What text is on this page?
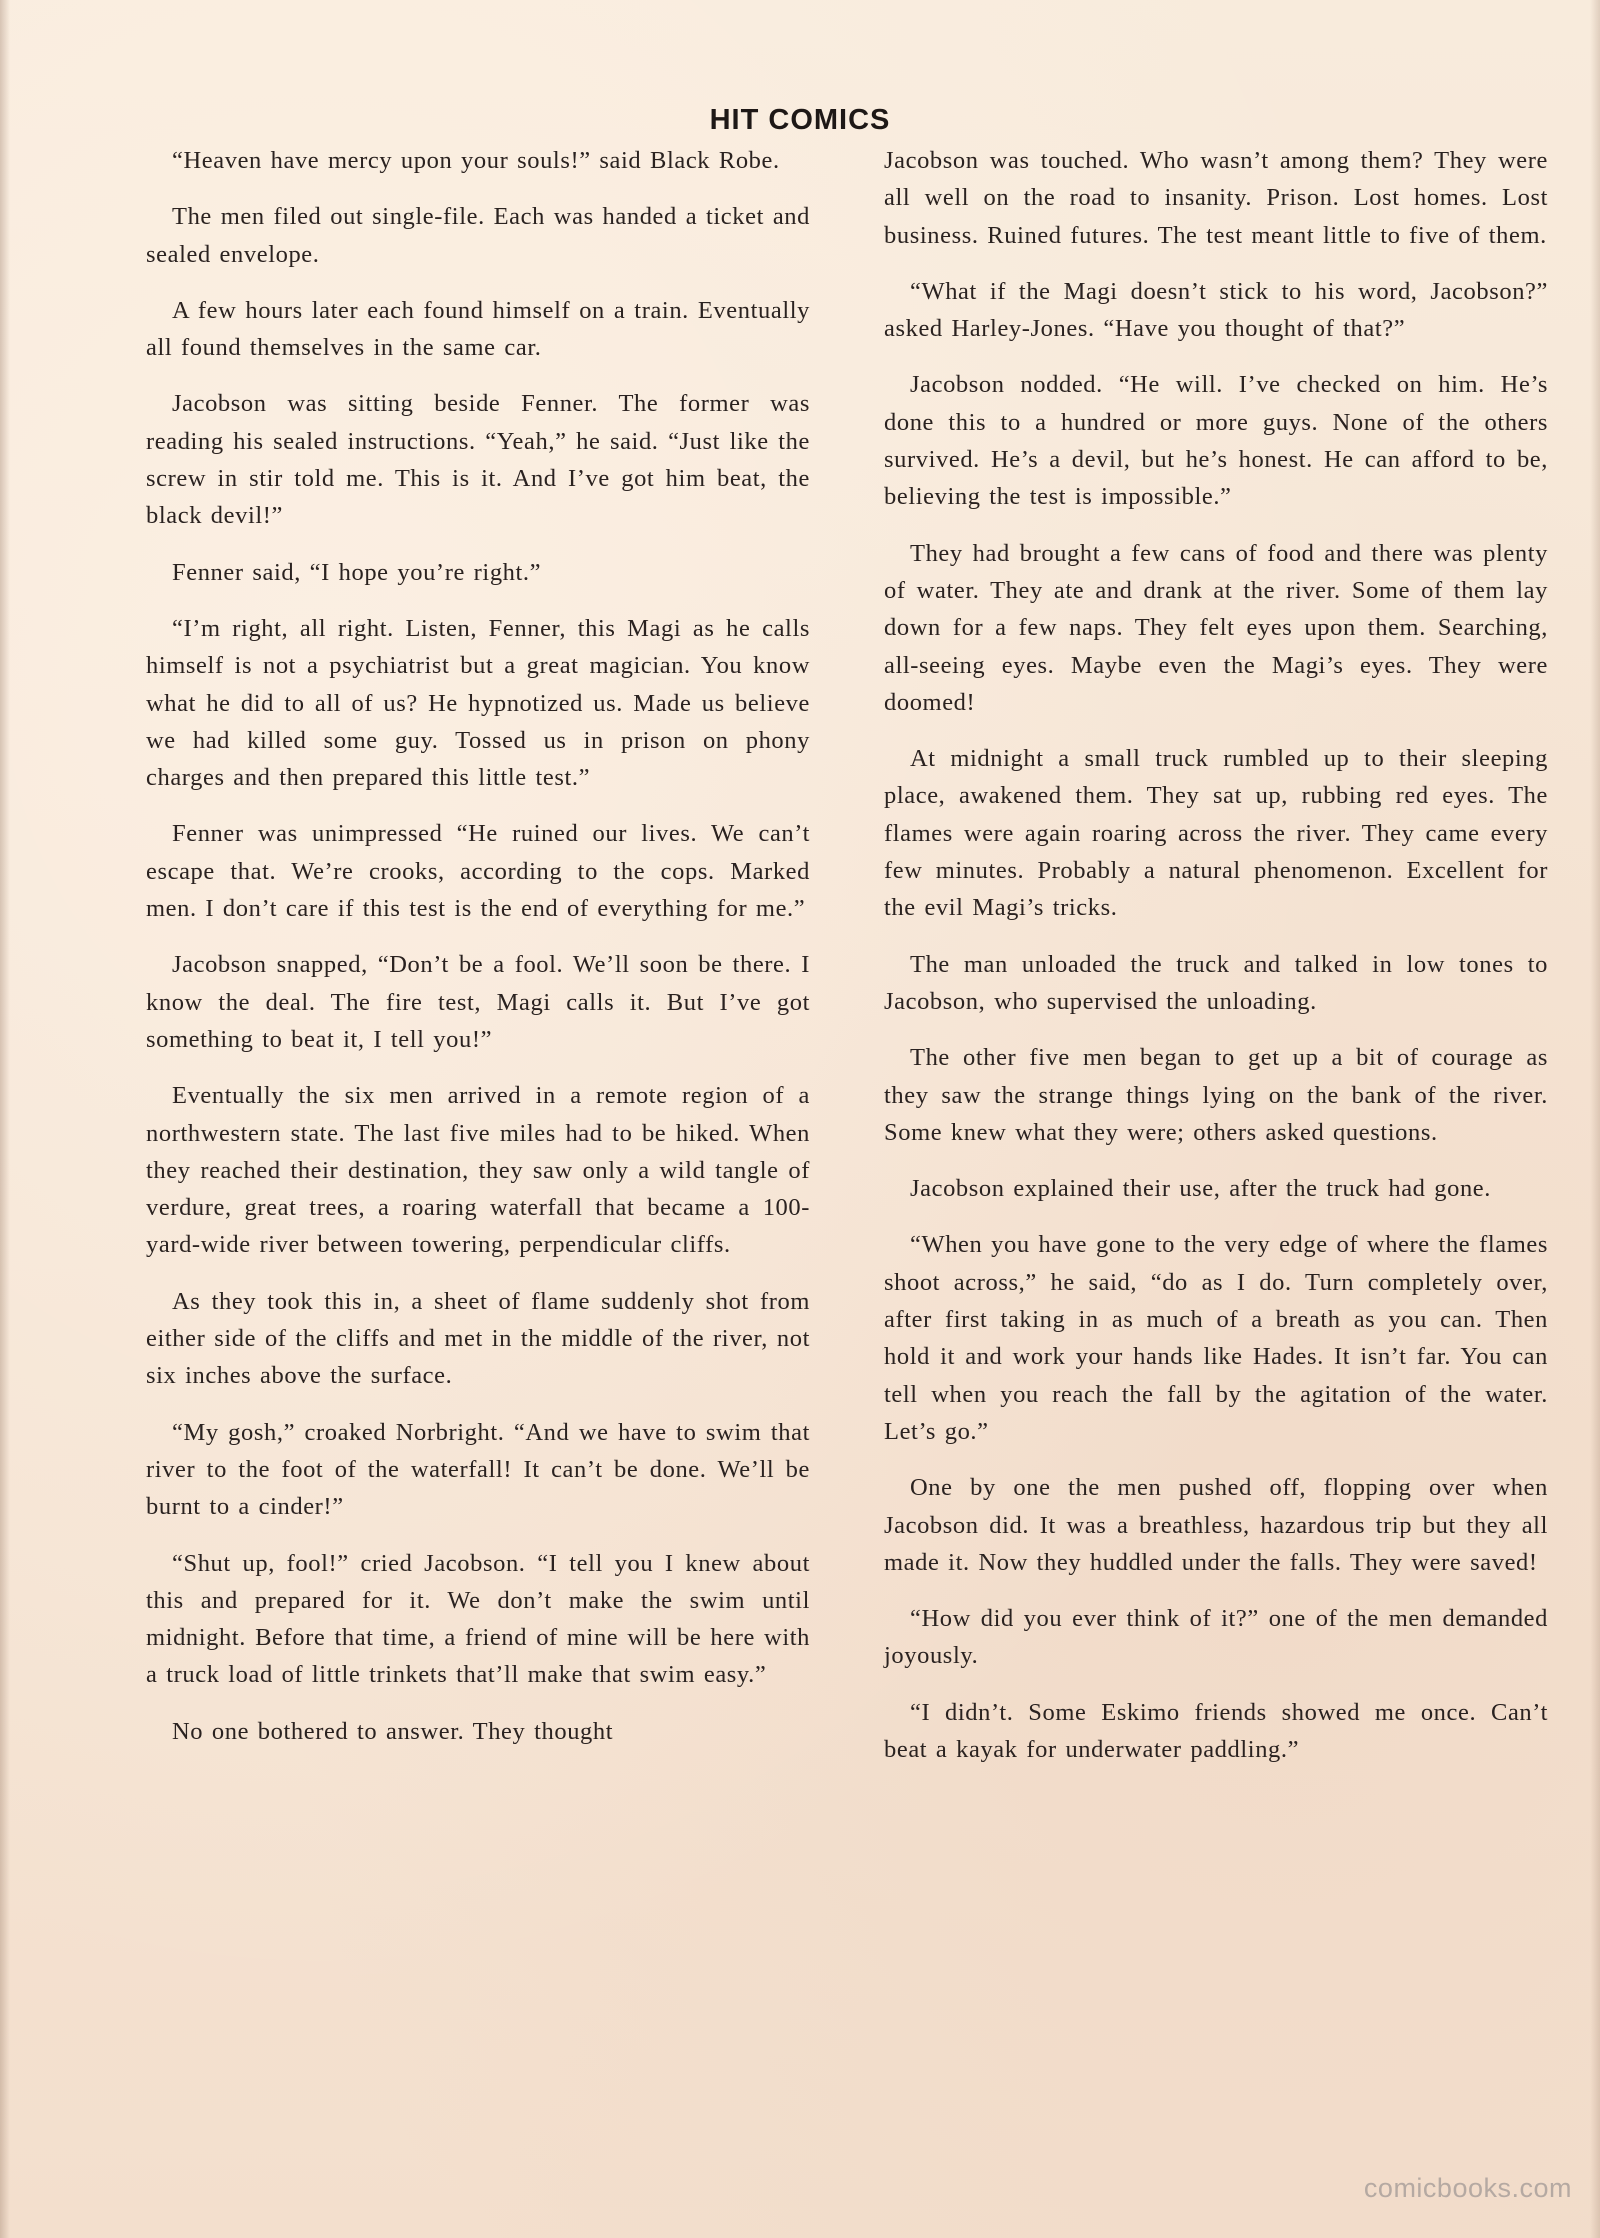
HIT COMICS

“Heaven have mercy upon your souls!” said Black Robe.

The men filed out single-file. Each was handed a ticket and sealed envelope.

A few hours later each found himself on a train. Eventually all found themselves in the same car.

Jacobson was sitting beside Fenner. The former was reading his sealed instructions. “Yeah,” he said. “Just like the screw in stir told me. This is it. And I’ve got him beat, the black devil!”

Fenner said, “I hope you’re right.”

“I’m right, all right. Listen, Fenner, this Magi as he calls himself is not a psychiatrist but a great magician. You know what he did to all of us? He hypnotized us. Made us believe we had killed some guy. Tossed us in prison on phony charges and then prepared this little test.”

Fenner was unimpressed “He ruined our lives. We can’t escape that. We’re crooks, according to the cops. Marked men. I don’t care if this test is the end of everything for me.”

Jacobson snapped, “Don’t be a fool. We’ll soon be there. I know the deal. The fire test, Magi calls it. But I’ve got something to beat it, I tell you!”

Eventually the six men arrived in a remote region of a northwestern state. The last five miles had to be hiked. When they reached their destination, they saw only a wild tangle of verdure, great trees, a roaring waterfall that became a 100-yard-wide river between towering, perpendicular cliffs.

As they took this in, a sheet of flame suddenly shot from either side of the cliffs and met in the middle of the river, not six inches above the surface.

“My gosh,” croaked Norbright. “And we have to swim that river to the foot of the waterfall! It can’t be done. We’ll be burnt to a cinder!”

“Shut up, fool!” cried Jacobson. “I tell you I knew about this and prepared for it. We don’t make the swim until midnight. Before that time, a friend of mine will be here with a truck load of little trinkets that’ll make that swim easy.”

No one bothered to answer. They thought

Jacobson was touched. Who wasn’t among them? They were all well on the road to insanity. Prison. Lost homes. Lost business. Ruined futures. The test meant little to five of them.

“What if the Magi doesn’t stick to his word, Jacobson?” asked Harley-Jones. “Have you thought of that?”

Jacobson nodded. “He will. I’ve checked on him. He’s done this to a hundred or more guys. None of the others survived. He’s a devil, but he’s honest. He can afford to be, believing the test is impossible.”

They had brought a few cans of food and there was plenty of water. They ate and drank at the river. Some of them lay down for a few naps. They felt eyes upon them. Searching, all-seeing eyes. Maybe even the Magi’s eyes. They were doomed!

At midnight a small truck rumbled up to their sleeping place, awakened them. They sat up, rubbing red eyes. The flames were again roaring across the river. They came every few minutes. Probably a natural phenomenon. Excellent for the evil Magi’s tricks.

The man unloaded the truck and talked in low tones to Jacobson, who supervised the unloading.

The other five men began to get up a bit of courage as they saw the strange things lying on the bank of the river. Some knew what they were; others asked questions.

Jacobson explained their use, after the truck had gone.

“When you have gone to the very edge of where the flames shoot across,” he said, “do as I do. Turn completely over, after first taking in as much of a breath as you can. Then hold it and work your hands like Hades. It isn’t far. You can tell when you reach the fall by the agitation of the water. Let’s go.”

One by one the men pushed off, flopping over when Jacobson did. It was a breathless, hazardous trip but they all made it. Now they huddled under the falls. They were saved!

“How did you ever think of it?” one of the men demanded joyously.

“I didn’t. Some Eskimo friends showed me once. Can’t beat a kayak for underwater paddling.”

comicbooks.com
